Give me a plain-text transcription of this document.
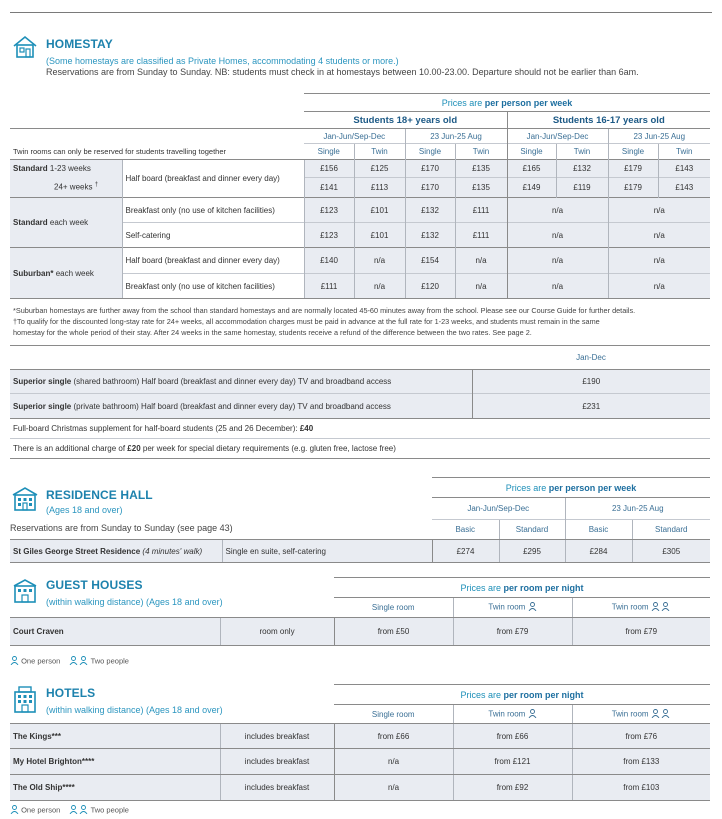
HOMESTAY
(Some homestays are classified as Private Homes, accommodating 4 students or more.)
Reservations are from Sunday to Sunday. NB: students must check in at homestays between 10.00-23.00. Departure should not be earlier than 6am.
		Prices are per person per week							
		Students 18+ years old				Students 16-17 years old			
		Jan-Jun/Sep-Dec		23 Jun-25 Aug		Jan-Jun/Sep-Dec		23 Jun-25 Aug	
Twin rooms can only be reserved for students travelling together		Single	Twin	Single	Twin	Single	Twin	Single	Twin
Standard 1-23 weeks	Half board (breakfast and dinner every day)	£156	£125	£170	£135	£165	£132	£179	£143
24+ weeks †		£141	£113	£170	£135	£149	£119	£179	£143
Standard each week	Breakfast only (no use of kitchen facilities)	£123	£101	£132	£111	n/a		n/a	
	Self-catering	£123	£101	£132	£111	n/a		n/a	
Suburban* each week	Half board (breakfast and dinner every day)	£140	n/a	£154	n/a	n/a		n/a	
	Breakfast only (no use of kitchen facilities)	£111	n/a	£120	n/a	n/a		n/a	
*Suburban homestays are further away from the school than standard homestays and are normally located 45-60 minutes away from the school. Please see our Course Guide for further details.
†To qualify for the discounted long-stay rate for 24+ weeks, all accommodation charges must be paid in advance at the full rate for 1-23 weeks, and students must remain in the same
homestay for the whole period of their stay. After 24 weeks in the same homestay, students receive a refund of the difference between the two rates. See page 2.
	Jan-Dec
Superior single (shared bathroom) Half board (breakfast and dinner every day) TV and broadband access	£190
Superior single (private bathroom) Half board (breakfast and dinner every day) TV and broadband access	£231
Full-board Christmas supplement for half-board students (25 and 26 December): £40	
There is an additional charge of £20 per week for special dietary requirements (e.g. gluten free, lactose free)	
RESIDENCE HALL
(Ages 18 and over)
Reservations are from Sunday to Sunday (see page 43)
		Prices are per person per week			
		Jan-Jun/Sep-Dec		23 Jun-25 Aug	
		Basic	Standard	Basic	Standard
St Giles George Street Residence (4 minutes' walk)	Single en suite, self-catering	£274	£295	£284	£305
GUEST HOUSES
(within walking distance) (Ages 18 and over)
		Prices are per room per night		
		Single room	Twin room	Twin room
Court Craven	room only	from £50	from £79	from £79
One person	Two people
HOTELS
(within walking distance) (Ages 18 and over)
		Prices are per room per night		
		Single room	Twin room	Twin room
The Kings***	includes breakfast	from £66	from £66	from £76
My Hotel Brighton****	includes breakfast	n/a	from £121	from £133
The Old Ship****	includes breakfast	n/a	from £92	from £103
One person	Two people
